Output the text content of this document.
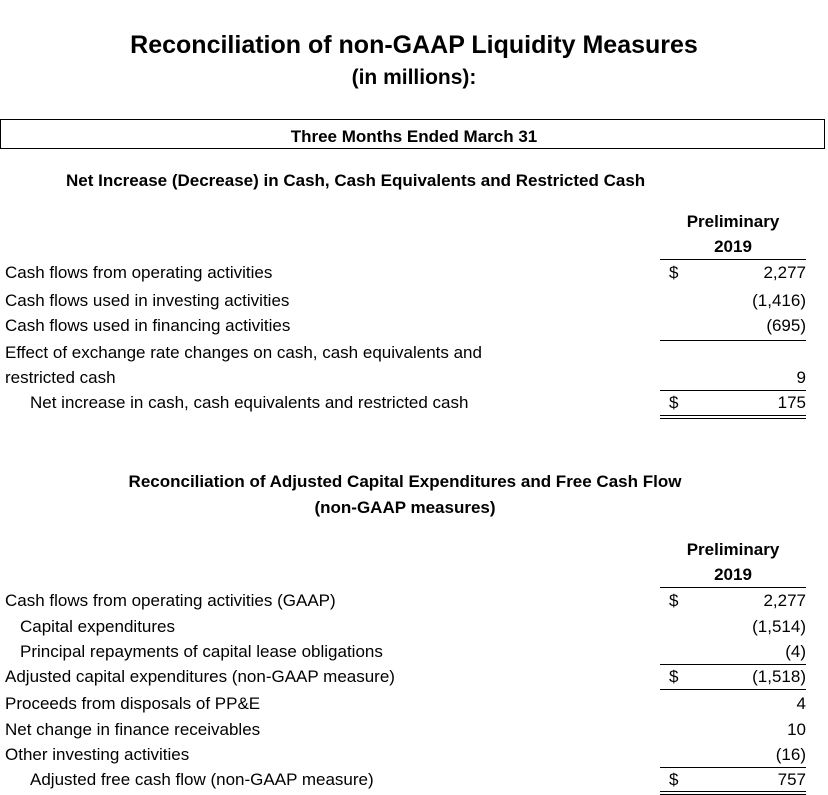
Reconciliation of non-GAAP Liquidity Measures
(in millions):
Three Months Ended March 31
Net Increase (Decrease) in Cash, Cash Equivalents and Restricted Cash
Preliminary
2019
Cash flows from operating activities	$	2,277
Cash flows used in investing activities	(1,416)
Cash flows used in financing activities	(695)
Effect of exchange rate changes on cash, cash equivalents and
restricted cash	9
Net increase in cash, cash equivalents and restricted cash	$	175
Reconciliation of Adjusted Capital Expenditures and Free Cash Flow
(non-GAAP measures)
Preliminary
2019
Cash flows from operating activities (GAAP)	$	2,277
Capital expenditures	(1,514)
Principal repayments of capital lease obligations	(4)
Adjusted capital expenditures (non-GAAP measure)	$	(1,518)
Proceeds from disposals of PP&E	4
Net change in finance receivables	10
Other investing activities	(16)
Adjusted free cash flow (non-GAAP measure)	$	757
